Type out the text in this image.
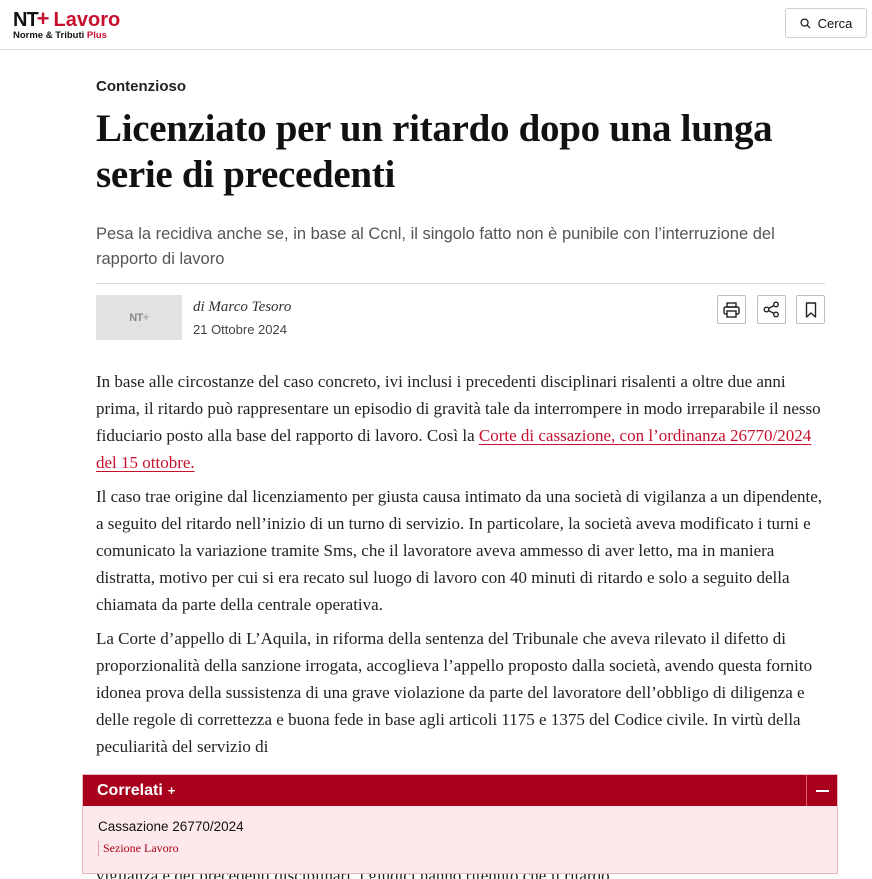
NT + Lavoro
Norme & Tributi Plus
Cerca
Contenzioso
Licenziato per un ritardo dopo una lunga serie di precedenti
Pesa la recidiva anche se, in base al Ccnl, il singolo fatto non è punibile con l’interruzione del rapporto di lavoro
NT +
di Marco Tesoro
21 Ottobre 2024

In base alle circostanze del caso concreto, ivi inclusi i precedenti disciplinari risalenti a oltre due anni prima, il ritardo può rappresentare un episodio di gravità tale da interrompere in modo irreparabile il nesso fiduciario posto alla base del rapporto di lavoro. Così la Corte di cassazione, con l’ordinanza 26770/2024 del 15 ottobre.

Il caso trae origine dal licenziamento per giusta causa intimato da una società di vigilanza a un dipendente, a seguito del ritardo nell’inizio di un turno di servizio. In particolare, la società aveva modificato i turni e comunicato la variazione tramite Sms, che il lavoratore aveva ammesso di aver letto, ma in maniera distratta, motivo per cui si era recato sul luogo di lavoro con 40 minuti di ritardo e solo a seguito della chiamata da parte della centrale operativa.

La Corte d’appello di L’Aquila, in riforma della sentenza del Tribunale che aveva rilevato il difetto di proporzionalità della sanzione irrogata, accoglieva l’appello proposto dalla società, avendo questa fornito idonea prova della sussistenza di una grave violazione da parte del lavoratore dell’obbligo di diligenza e delle regole di correttezza e buona fede in base agli articoli 1175 e 1375 del Codice civile. In virtù della peculiarità del servizio di

Correlati +
Cassazione 26770/2024
Sezione Lavoro
